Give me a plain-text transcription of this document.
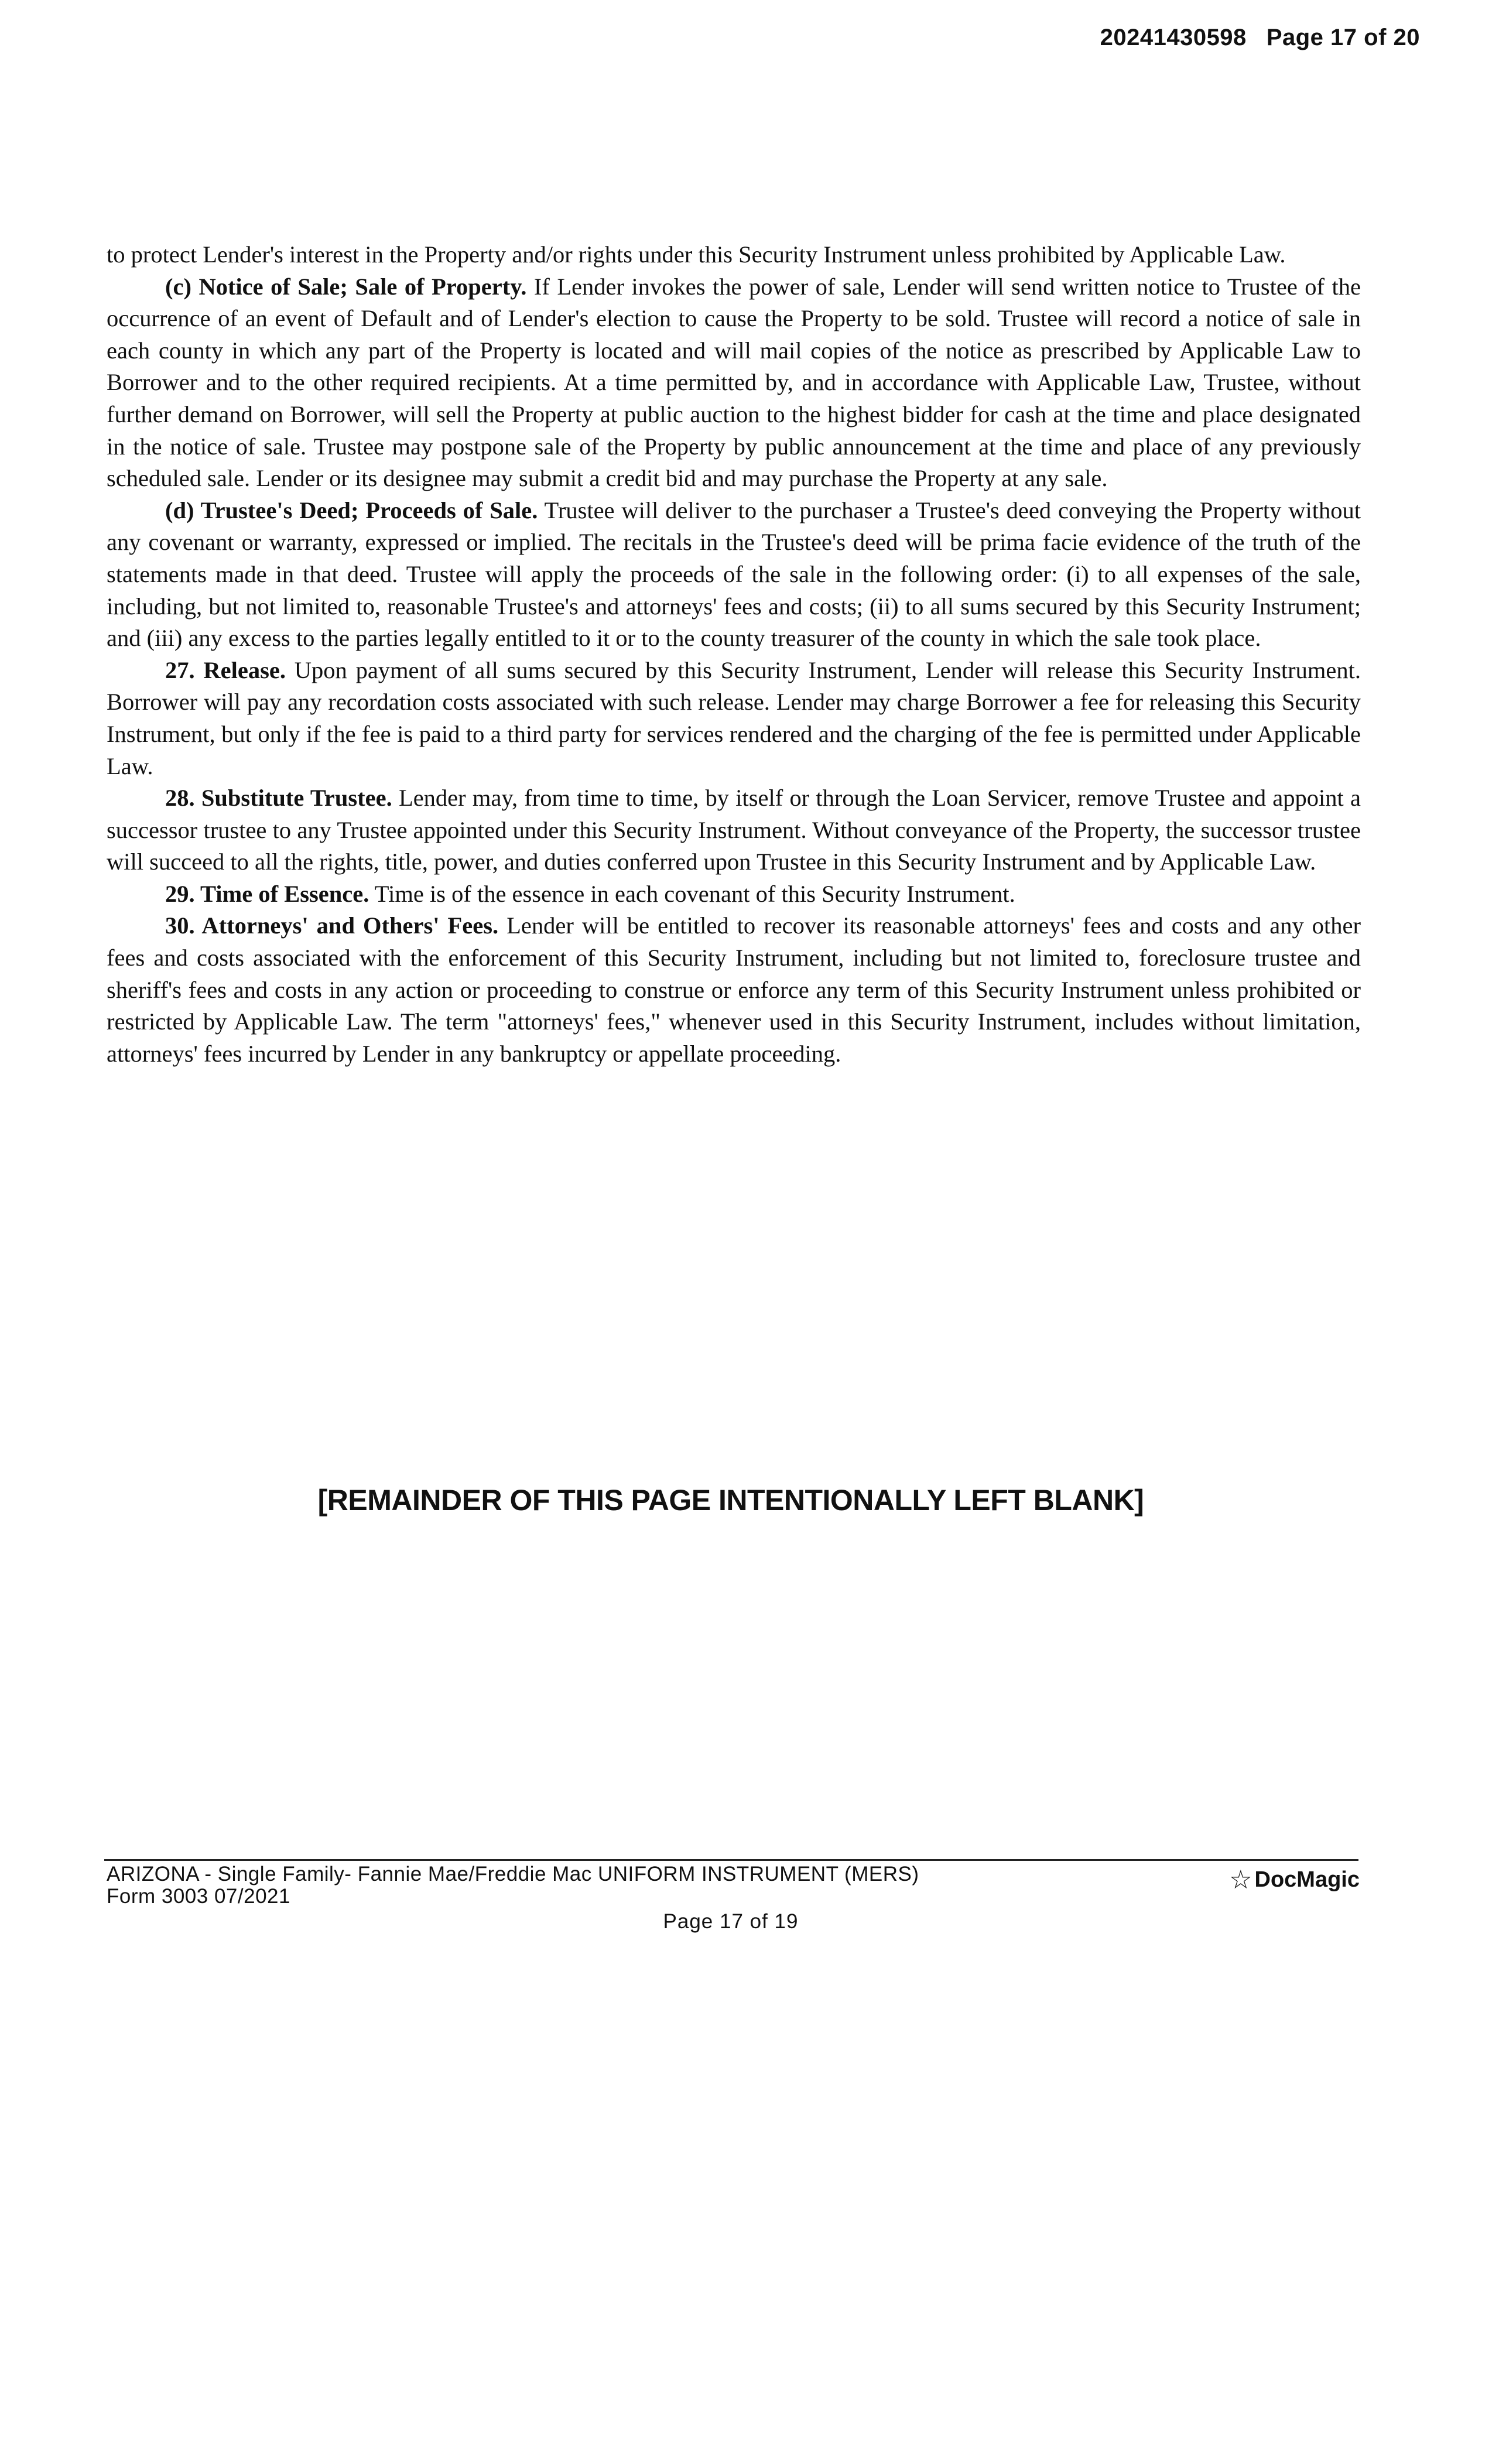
20241430598 Page 17 of 20

to protect Lender's interest in the Property and/or rights under this Security Instrument unless prohibited by Applicable Law.

(c) Notice of Sale; Sale of Property. If Lender invokes the power of sale, Lender will send written notice to Trustee of the occurrence of an event of Default and of Lender's election to cause the Property to be sold. Trustee will record a notice of sale in each county in which any part of the Property is located and will mail copies of the notice as prescribed by Applicable Law to Borrower and to the other required recipients. At a time permitted by, and in accordance with Applicable Law, Trustee, without further demand on Borrower, will sell the Property at public auction to the highest bidder for cash at the time and place designated in the notice of sale. Trustee may postpone sale of the Property by public announcement at the time and place of any previously scheduled sale. Lender or its designee may submit a credit bid and may purchase the Property at any sale.

(d) Trustee's Deed; Proceeds of Sale. Trustee will deliver to the purchaser a Trustee's deed conveying the Property without any covenant or warranty, expressed or implied. The recitals in the Trustee's deed will be prima facie evidence of the truth of the statements made in that deed. Trustee will apply the proceeds of the sale in the following order: (i) to all expenses of the sale, including, but not limited to, reasonable Trustee's and attorneys' fees and costs; (ii) to all sums secured by this Security Instrument; and (iii) any excess to the parties legally entitled to it or to the county treasurer of the county in which the sale took place.

27. Release. Upon payment of all sums secured by this Security Instrument, Lender will release this Security Instrument. Borrower will pay any recordation costs associated with such release. Lender may charge Borrower a fee for releasing this Security Instrument, but only if the fee is paid to a third party for services rendered and the charging of the fee is permitted under Applicable Law.

28. Substitute Trustee. Lender may, from time to time, by itself or through the Loan Servicer, remove Trustee and appoint a successor trustee to any Trustee appointed under this Security Instrument. Without conveyance of the Property, the successor trustee will succeed to all the rights, title, power, and duties conferred upon Trustee in this Security Instrument and by Applicable Law.

29. Time of Essence. Time is of the essence in each covenant of this Security Instrument.

30. Attorneys' and Others' Fees. Lender will be entitled to recover its reasonable attorneys' fees and costs and any other fees and costs associated with the enforcement of this Security Instrument, including but not limited to, foreclosure trustee and sheriff's fees and costs in any action or proceeding to construe or enforce any term of this Security Instrument unless prohibited or restricted by Applicable Law. The term "attorneys' fees," whenever used in this Security Instrument, includes without limitation, attorneys' fees incurred by Lender in any bankruptcy or appellate proceeding.

[REMAINDER OF THIS PAGE INTENTIONALLY LEFT BLANK]
ARIZONA - Single Family- Fannie Mae/Freddie Mac UNIFORM INSTRUMENT (MERS)
Form 3003 07/2021
Page 17 of 19
☆ DocMagic
